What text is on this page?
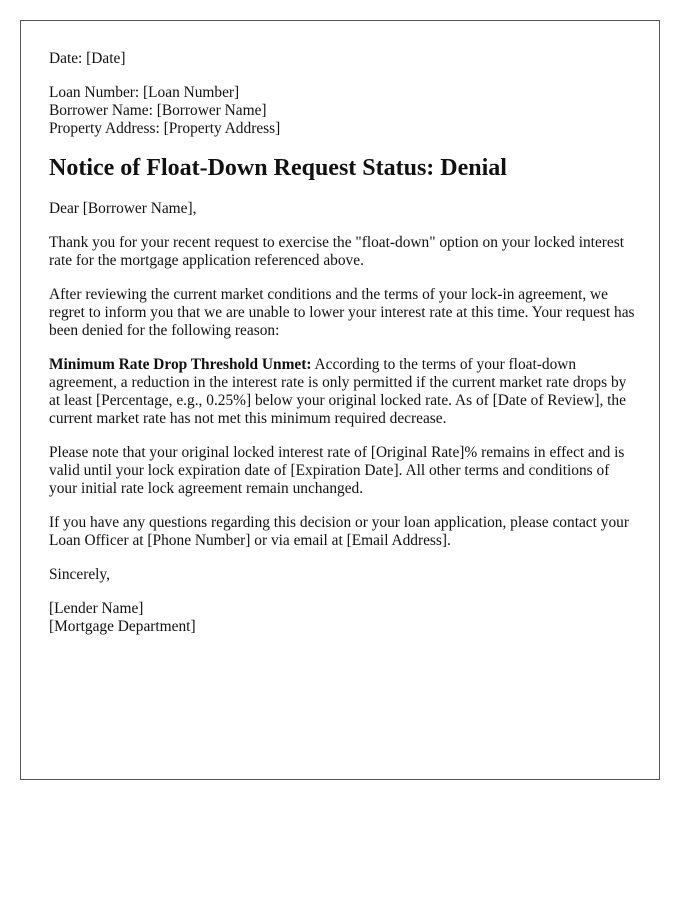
Date: [Date]

Loan Number: [Loan Number]
Borrower Name: [Borrower Name]
Property Address: [Property Address]
Notice of Float-Down Request Status: Denial

Dear [Borrower Name],

Thank you for your recent request to exercise the "float-down" option on your locked interest rate for the mortgage application referenced above.

After reviewing the current market conditions and the terms of your lock-in agreement, we regret to inform you that we are unable to lower your interest rate at this time. Your request has been denied for the following reason:

Minimum Rate Drop Threshold Unmet: According to the terms of your float-down agreement, a reduction in the interest rate is only permitted if the current market rate drops by at least [Percentage, e.g., 0.25%] below your original locked rate. As of [Date of Review], the current market rate has not met this minimum required decrease.

Please note that your original locked interest rate of [Original Rate]% remains in effect and is valid until your lock expiration date of [Expiration Date]. All other terms and conditions of your initial rate lock agreement remain unchanged.

If you have any questions regarding this decision or your loan application, please contact your Loan Officer at [Phone Number] or via email at [Email Address].

Sincerely,

[Lender Name]
[Mortgage Department]
